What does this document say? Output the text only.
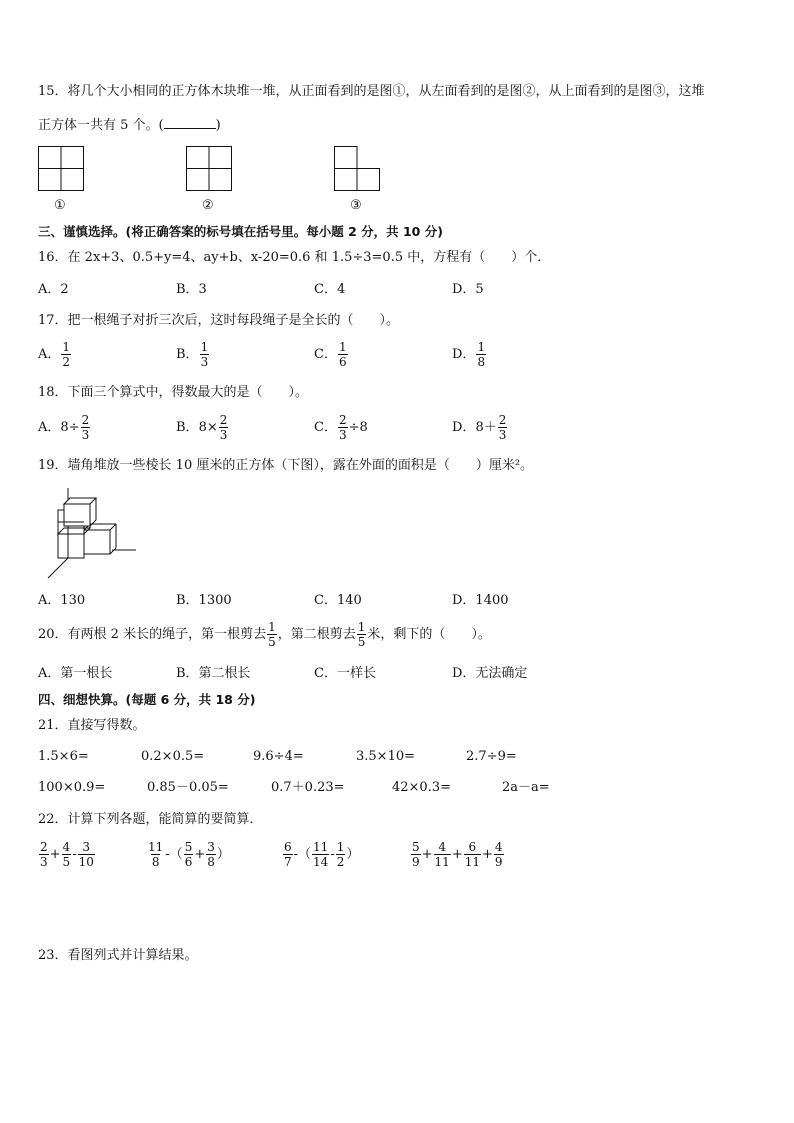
15．将几个大小相同的正方体木块堆一堆，从正面看到的是图①，从左面看到的是图②，从上面看到的是图③，这堆
正方体一共有 5 个。(	)
①	②	③
三、谨慎选择。(将正确答案的标号填在括号里。每小题 2 分，共 10 分)
16．在 2x+3、0.5+y=4、ay+b、x-20=0.6 和 1.5÷3=0.5 中，方程有（　　）个．
A．2	B．3	C．4	D．5
17．把一根绳子对折三次后，这时每段绳子是全长的（　　）。
A． $\frac{1}{2}$	B． $\frac{1}{3}$	C． $\frac{1}{6}$	D． $\frac{1}{8}$
18．下面三个算式中，得数最大的是（　　）。
A．$8\div \frac{2}{3}$	B．$8\times \frac{2}{3}$	C． $\frac{2}{3} \div 8$	D．$8+ \frac{2}{3}$
19．墙角堆放一些棱长 10 厘米的正方体（下图），露在外面的面积是（　　）厘米²。
A．130	B．1300	C．140	D．1400
20．有两根 2 米长的绳子，第一根剪去 $\frac{1}{5}$ ，第二根剪去 $\frac{1}{5}$ 米，剩下的（　　）。
A．第一根长	B．第二根长	C．一样长	D．无法确定
四、细想快算。(每题 6 分，共 18 分)
21．直接写得数。
1.5×6=	0.2×0.5=	9.6÷4=	3.5×10=	2.7÷9=
100×0.9=	0.85－0.05=	0.7＋0.23=	42×0.3=	2a－a=
22．计算下列各题，能简算的要简算．
$\frac{2}{3} + \frac{4}{5} - \frac{3}{10}$	$\frac{11}{8}$ -（ $\frac{5}{6} + \frac{3}{8}$ ）	$\frac{6}{7}$ -（ $\frac{11}{14} - \frac{1}{2}$ ）	$\frac{5}{9} + \frac{4}{11} + \frac{6}{11} + \frac{4}{9}$
23．看图列式并计算结果。
